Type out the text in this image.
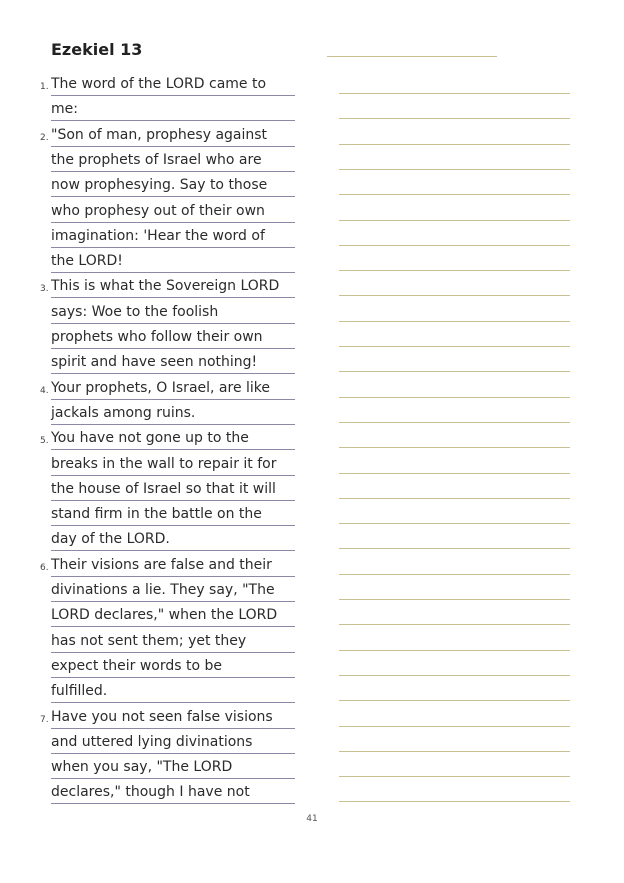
Ezekiel 13
1. The word of the LORD came to
me:
2. "Son of man, prophesy against
the prophets of Israel who are
now prophesying. Say to those
who prophesy out of their own
imagination: 'Hear the word of
the LORD!
3. This is what the Sovereign LORD
says: Woe to the foolish
prophets who follow their own
spirit and have seen nothing!
4. Your prophets, O Israel, are like
jackals among ruins.
5. You have not gone up to the
breaks in the wall to repair it for
the house of Israel so that it will
stand firm in the battle on the
day of the LORD.
6. Their visions are false and their
divinations a lie. They say, "The
LORD declares," when the LORD
has not sent them; yet they
expect their words to be
fulfilled.
7. Have you not seen false visions
and uttered lying divinations
when you say, "The LORD
declares," though I have not
41
